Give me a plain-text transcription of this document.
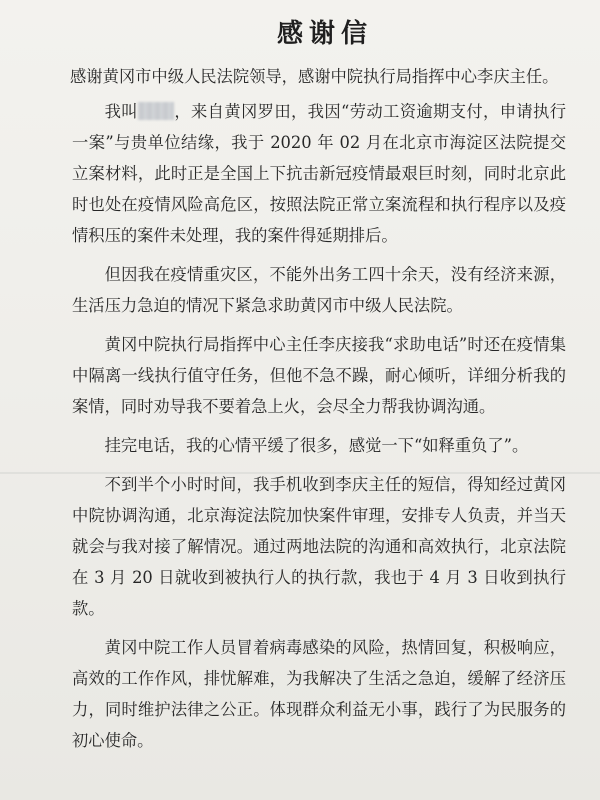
感谢信
感谢黄冈市中级人民法院领导，感谢中院执行局指挥中心李庆主任。

我叫 ，来自黄冈罗田，我因“劳动工资逾期支付，申请执行一案”与贵单位结缘，我于 2020 年 02 月在北京市海淀区法院提交立案材料，此时正是全国上下抗击新冠疫情最艰巨时刻，同时北京此时也处在疫情风险高危区，按照法院正常立案流程和执行程序以及疫情积压的案件未处理，我的案件得延期排后。

但因我在疫情重灾区，不能外出务工四十余天，没有经济来源，生活压力急迫的情况下紧急求助黄冈市中级人民法院。

黄冈中院执行局指挥中心主任李庆接我“求助电话”时还在疫情集中隔离一线执行值守任务，但他不急不躁，耐心倾听，详细分析我的案情，同时劝导我不要着急上火，会尽全力帮我协调沟通。

挂完电话，我的心情平缓了很多，感觉一下“如释重负了”。

不到半个小时时间，我手机收到李庆主任的短信，得知经过黄冈中院协调沟通，北京海淀法院加快案件审理，安排专人负责，并当天就会与我对接了解情况。通过两地法院的沟通和高效执行，北京法院在 3 月 20 日就收到被执行人的执行款，我也于 4 月 3 日收到执行款。

黄冈中院工作人员冒着病毒感染的风险，热情回复，积极响应，高效的工作作风，排忧解难，为我解决了生活之急迫，缓解了经济压力，同时维护法律之公正。体现群众利益无小事，践行了为民服务的初心使命。
